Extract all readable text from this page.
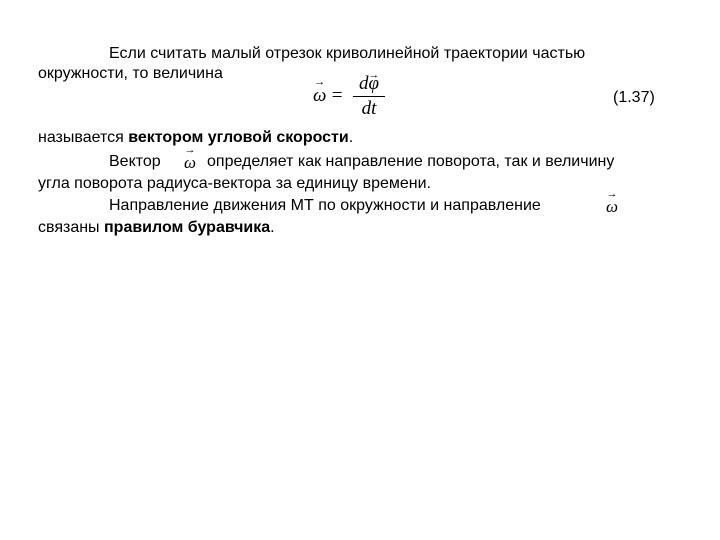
Если считать малый отрезок криволинейной траектории частью
окружности, то величина
→ ω =
d→ φ
dt
(1.37)
называется вектором угловой скорости.
Вектор → ω определяет как направление поворота, так и величину
угла поворота радиуса-вектора за единицу времени.
Направление движения МТ по окружности и направление	→ ω
связаны правилом буравчика.
